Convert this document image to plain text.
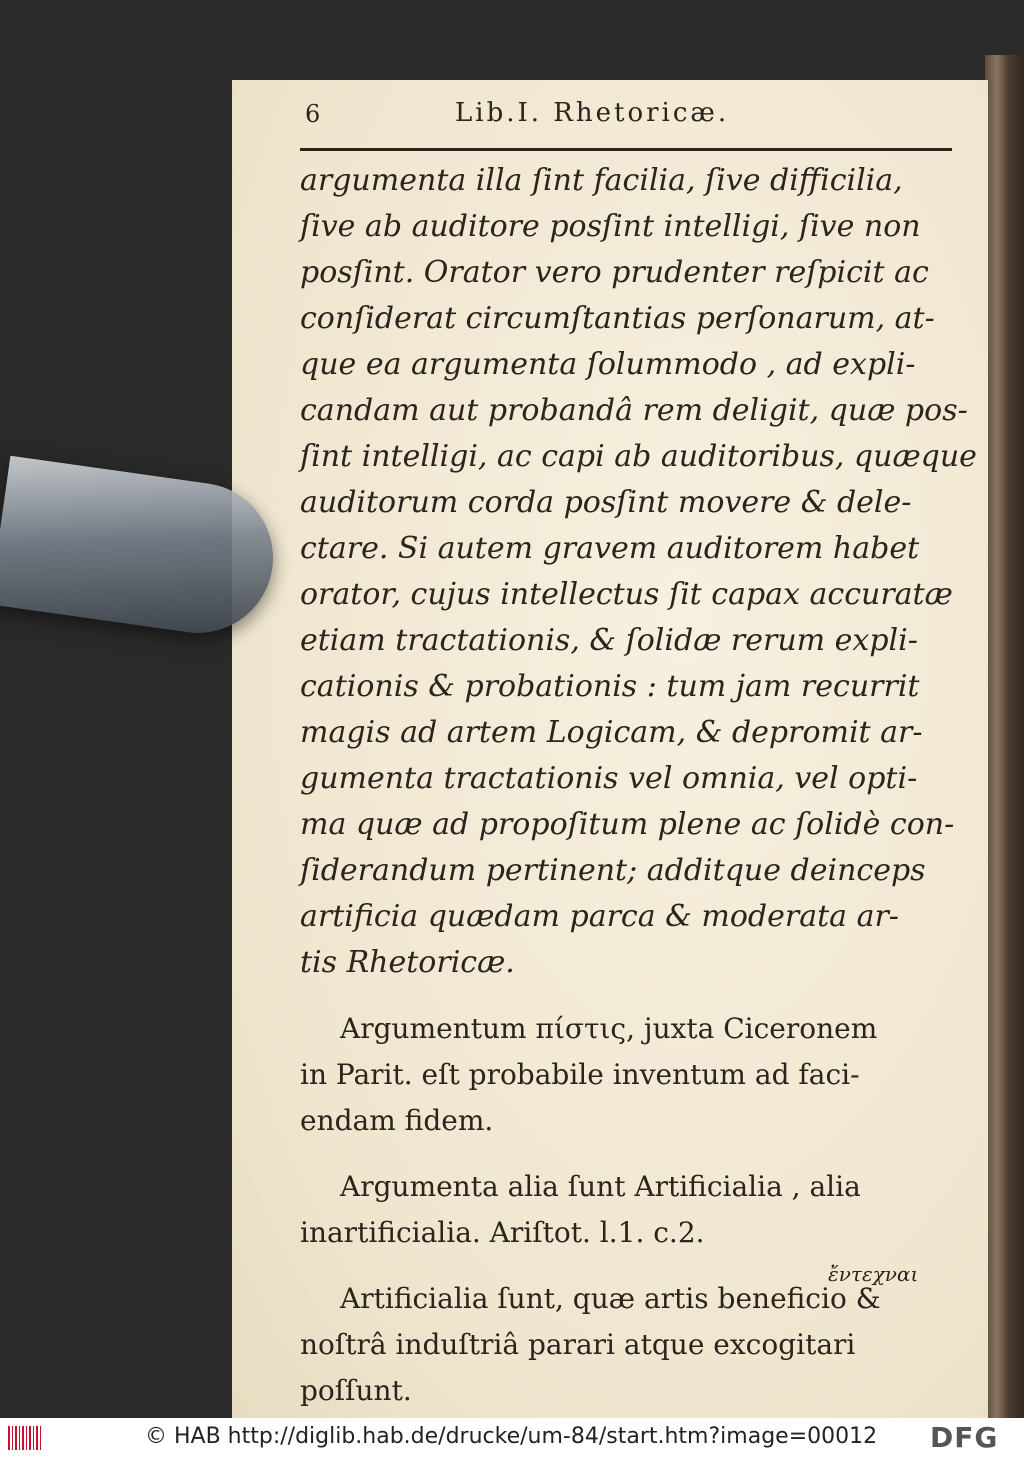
6	Lib.I. Rhetoricæ.
argumenta illa ſint facilia, ſive difficilia,
ſive ab auditore posſint intelligi, ſive non
posſint. Orator vero prudenter reſpicit ac
conſiderat circumſtantias perſonarum, at-
que ea argumenta ſolummodo , ad expli-
candam aut probandâ rem deligit, quæ pos-
ſint intelligi, ac capi ab auditoribus, quæque
auditorum corda posſint movere & dele-
ctare. Si autem gravem auditorem habet
orator, cujus intellectus ſit capax accuratæ
etiam tractationis, & ſolidæ rerum expli-
cationis & probationis : tum jam recurrit
magis ad artem Logicam, & depromit ar-
gumenta tractationis vel omnia, vel opti-
ma quæ ad propoſitum plene ac ſolidè con-
ſiderandum pertinent; additque deinceps
artificia quædam parca & moderata ar-
tis Rhetoricæ.
Argumentum πίστις, juxta Ciceronem
in Parit. eſt probabile inventum ad faci-
endam fidem.
Argumenta alia ſunt Artificialia , alia
inartificialia. Ariſtot. l.1. c.2.
Artificialia ſunt, quæ artis beneficio &
noſtrâ induſtriâ parari atque excogitari
poſſunt.
ἔντεχναι
© HAB http://diglib.hab.de/drucke/um-84/start.htm?image=00012 DFG
